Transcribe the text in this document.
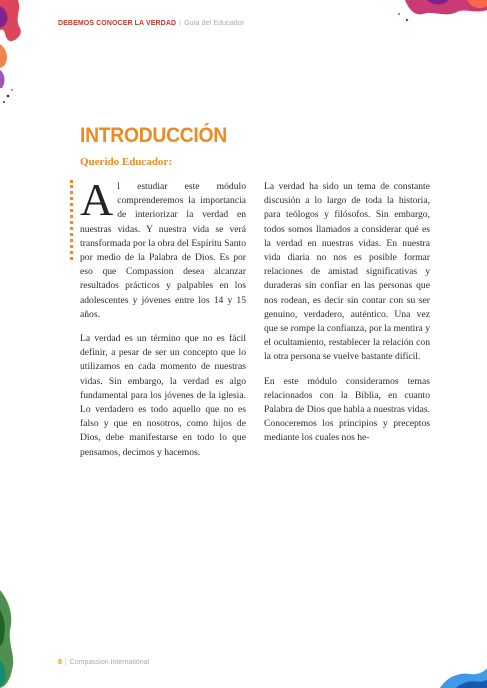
DEBEMOS CONOCER LA VERDAD | Guía del Educador
INTRODUCCIÓN
Querido Educador:

Al estudiar este módulo comprenderemos la importancia de interiorizar la verdad en nuestras vidas. Y nuestra vida se verá transformada por la obra del Espíritu Santo por medio de la Palabra de Dios. Es por eso que Compassion desea alcanzar resultados prácticos y palpables en los adolescentes y jóvenes entre los 14 y 15 años.

La verdad es un término que no es fácil definir, a pesar de ser un concepto que lo utilizamos en cada momento de nuestras vidas. Sin embargo, la verdad es algo fundamental para los jóvenes de la iglesia. Lo verdadero es todo aquello que no es falso y que en nosotros, como hijos de Dios, debe manifestarse en todo lo que pensamos, decimos y hacemos.

La verdad ha sido un tema de constante discusión a lo largo de toda la historia, para teólogos y filósofos. Sin embargo, todos somos llamados a considerar qué es la verdad en nuestras vidas. En nuestra vida diaria no nos es posible formar relaciones de amistad significativas y duraderas sin confiar en las personas que nos rodean, es decir sin contar con su ser genuino, verdadero, auténtico. Una vez que se rompe la confianza, por la mentira y el ocultamiento, restablecer la relación con la otra persona se vuelve bastante difícil.

En este módulo consideramos temas relacionados con la Biblia, en cuanto Palabra de Dios que habla a nuestras vidas. Conoceremos los principios y preceptos mediante los cuales nos he-

8 | Compassion International
